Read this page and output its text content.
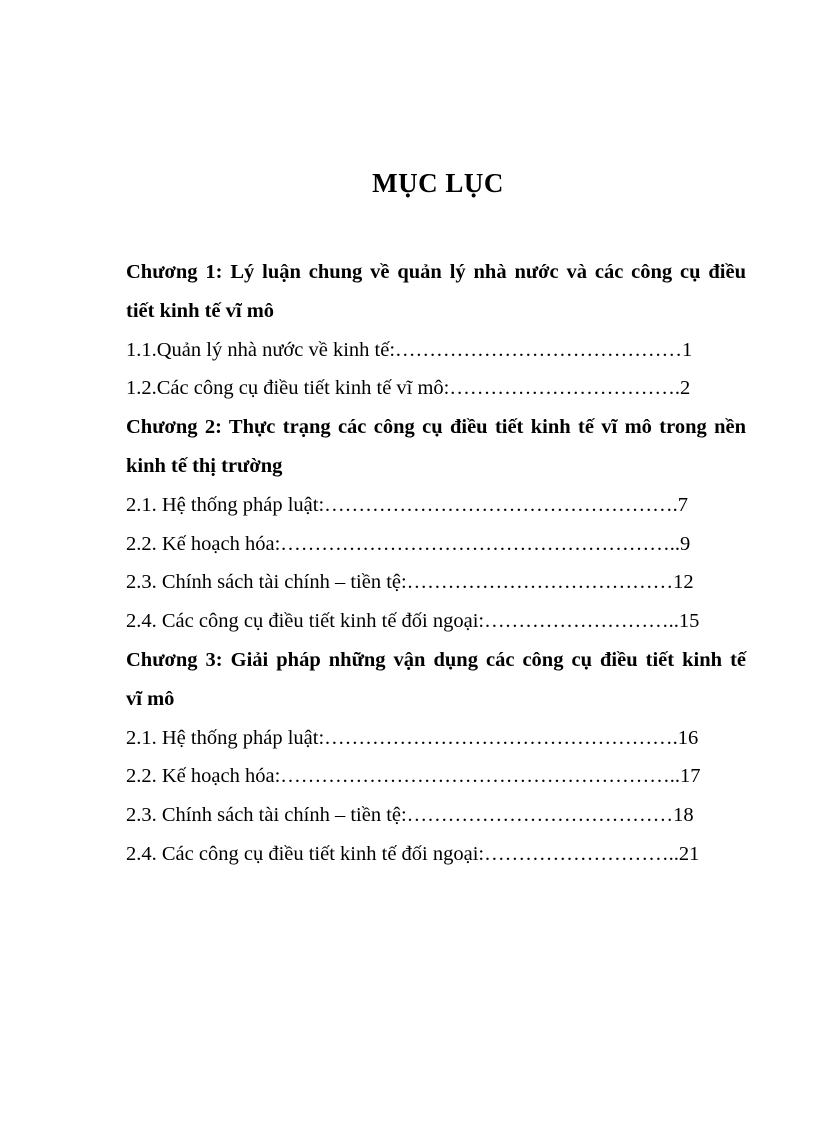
MỤC LỤC
Chương 1: Lý luận chung về quản lý nhà nước và các công cụ điều
tiết kinh tế vĩ mô
1.1.Quản lý nhà nước về kinh tế:……………………………………1
1.2.Các công cụ điều tiết kinh tế vĩ mô:…………………………….2
Chương 2: Thực trạng các công cụ điều tiết kinh tế vĩ mô trong nền
kinh tế thị trường
2.1. Hệ thống pháp luật:…………………………………………….7
2.2. Kế hoạch hóa:…………………………………………………..9
2.3. Chính sách tài chính – tiền tệ:…………………………………12
2.4. Các công cụ điều tiết kinh tế đối ngoại:………………………..15
Chương 3: Giải pháp những vận dụng các công cụ điều tiết kinh tế
vĩ mô
2.1. Hệ thống pháp luật:…………………………………………….16
2.2. Kế hoạch hóa:…………………………………………………..17
2.3. Chính sách tài chính – tiền tệ:…………………………………18
2.4. Các công cụ điều tiết kinh tế đối ngoại:………………………..21
